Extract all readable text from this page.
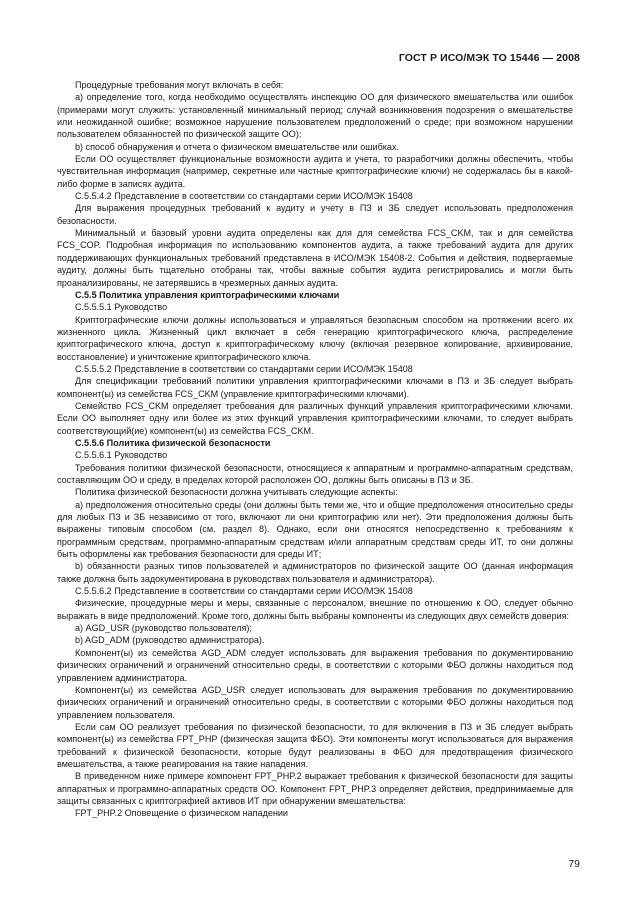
ГОСТ Р ИСО/МЭК ТО 15446 — 2008

Процедурные требования могут включать в себя:

а) определение того, когда необходимо осуществлять инспекцию ОО для физического вмешательства или ошибок (примерами могут служить: установленный минимальный период; случай возникновения подозрения о вмешательстве или неожиданной ошибке; возможное нарушение пользователем предположений о среде; при возможном нарушении пользователем обязанностей по физической защите ОО);

b) способ обнаружения и отчета о физическом вмешательстве или ошибках.

Если ОО осуществляет функциональные возможности аудита и учета, то разработчики должны обеспечить, чтобы чувствительная информация (например, секретные или частные криптографические ключи) не содержалась бы в какой-либо форме в записях аудита.

С.5.5.4.2 Представление в соответствии со стандартами серии ИСО/МЭК 15408

Для выражения процедурных требований к аудиту и учету в ПЗ и ЗБ следует использовать предположения безопасности.

Минимальный и базовый уровни аудита определены как для для семейства FCS_CKM, так и для семейства FCS_COP. Подробная информация по использованию компонентов аудита, а также требований аудита для других поддерживающих функциональных требований представлена в ИСО/МЭК 15408-2. События и действия, подвергаемые аудиту, должны быть тщательно отобраны так, чтобы важные события аудита регистрировались и могли быть проанализированы, не затерявшись в чрезмерных данных аудита.

С.5.5 Политика управления криптографическими ключами

С.5.5.5.1 Руководство

Криптографические ключи должны использоваться и управляться безопасным способом на протяжении всего их жизненного цикла. Жизненный цикл включает в себя генерацию криптографического ключа, распределение криптографического ключа, доступ к криптографическому ключу (включая резервное копирование, архивирование, восстановление) и уничтожение криптографического ключа.

С.5.5.5.2 Представление в соответствии со стандартами серии ИСО/МЭК 15408

Для спецификации требований политики управления криптографическими ключами в ПЗ и ЗБ следует выбрать компонент(ы) из семейства FCS_CKM (управление криптографическими ключами).

Семейство FCS_CKM определяет требования для различных функций управления криптографическими ключами. Если ОО выполняет одну или более из этих функций управления криптографическими ключами, то следует выбрать соответствующий(ие) компонент(ы) из семейства FCS_CKM.

С.5.5.6 Политика физической безопасности

С.5.5.6.1 Руководство

Требования политики физической безопасности, относящиеся к аппаратным и программно-аппаратным средствам, составляющим ОО и среду, в пределах которой расположен ОО, должны быть описаны в ПЗ и ЗБ.

Политика физической безопасности должна учитывать следующие аспекты:

а) предположения относительно среды (они должны быть теми же, что и общие предположения относительно среды для любых ПЗ и ЗБ независимо от того, включают ли они криптографию или нет). Эти предположения должны быть выражены типовым способом (см. раздел 8). Однако, если они относятся непосредственно к требованиям к программным средствам, программно-аппаратным средствам и/или аппаратным средствам среды ИТ, то они должны быть оформлены как требования безопасности для среды ИТ;

b) обязанности разных типов пользователей и администраторов по физической защите ОО (данная информация также должна быть задокументирована в руководствах пользователя и администратора).

С.5.5.6.2 Представление в соответствии со стандартами серии ИСО/МЭК 15408

Физические, процедурные меры и меры, связанные с персоналом, внешние по отношению к ОО, следует обычно выражать в виде предположений. Кроме того, должны быть выбраны компоненты из следующих двух семейств доверия:

а) AGD_USR (руководство пользователя);

b) AGD_ADM (руководство администратора).

Компонент(ы) из семейства AGD_ADM следует использовать для выражения требования по документированию физических ограничений и ограничений относительно среды, в соответствии с которыми ФБО должны находиться под управлением администратора.

Компонент(ы) из семейства AGD_USR следует использовать для выражения требования по документированию физических ограничений и ограничений относительно среды, в соответствии с которыми ФБО должны находиться под управлением пользователя.

Если сам ОО реализует требования по физической безопасности, то для включения в ПЗ и ЗБ следует выбрать компонент(ы) из семейства FPT_PHP (физическая защита ФБО). Эти компоненты могут использоваться для выражения требований к физической безопасности, которые будут реализованы в ФБО для предотвращения физического вмешательства, а также реагирования на такие нападения.

В приведенном ниже примере компонент FPT_PHP.2 выражает требования к физической безопасности для защиты аппаратных и программно-аппаратных средств ОО. Компонент FPT_PHP.3 определяет действия, предпринимаемые для защиты связанных с криптографией активов ИТ при обнаружении вмешательства:

FPT_PHP.2 Оповещение о физическом нападении

79
